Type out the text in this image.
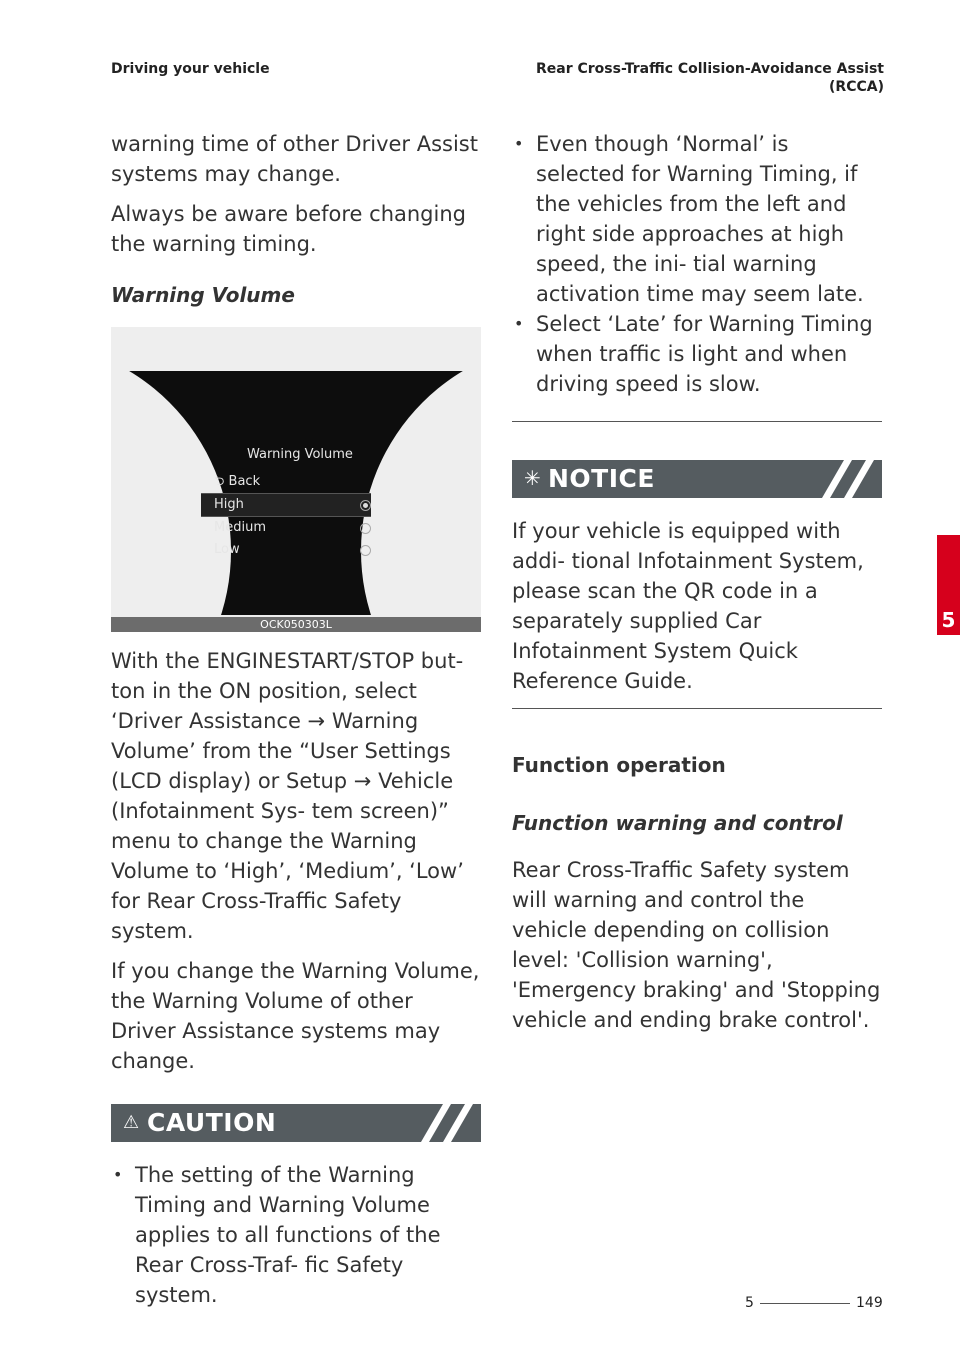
Driving your vehicle	Rear Cross-Traffic Collision-Avoidance Assist
(RCCA)

warning time of other Driver Assist systems may change.

Always be aware before changing the warning timing.

Warning Volume
Warning Volume
⮌ Back
High
Medium
Low
OCK050303L

With the ENGINESTART/STOP but- ton in the ON position, select ‘Driver Assistance → Warning Volume’ from the “User Settings (LCD display) or Setup → Vehicle (Infotainment Sys- tem screen)” menu to change the Warning Volume to ‘High’, ‘Medium’, ‘Low’ for Rear Cross-Traffic Safety system.

If you change the Warning Volume, the Warning Volume of other Driver Assistance systems may change.

⚠ CAUTION
• The setting of the Warning Timing and Warning Volume applies to all functions of the Rear Cross-Traf- fic Safety system.
• Even though ‘Normal’ is selected for Warning Timing, if the vehicles from the left and right side approaches at high speed, the ini- tial warning activation time may seem late.
• Select ‘Late’ for Warning Timing when traffic is light and when driving speed is slow.
✳ NOTICE

If your vehicle is equipped with addi- tional Infotainment System, please scan the QR code in a separately supplied Car Infotainment System Quick Reference Guide.

Function operation
Function warning and control

Rear Cross-Traffic Safety system will warning and control the vehicle depending on collision level: 'Collision warning', 'Emergency braking' and 'Stopping vehicle and ending brake control'.

5
5	149
